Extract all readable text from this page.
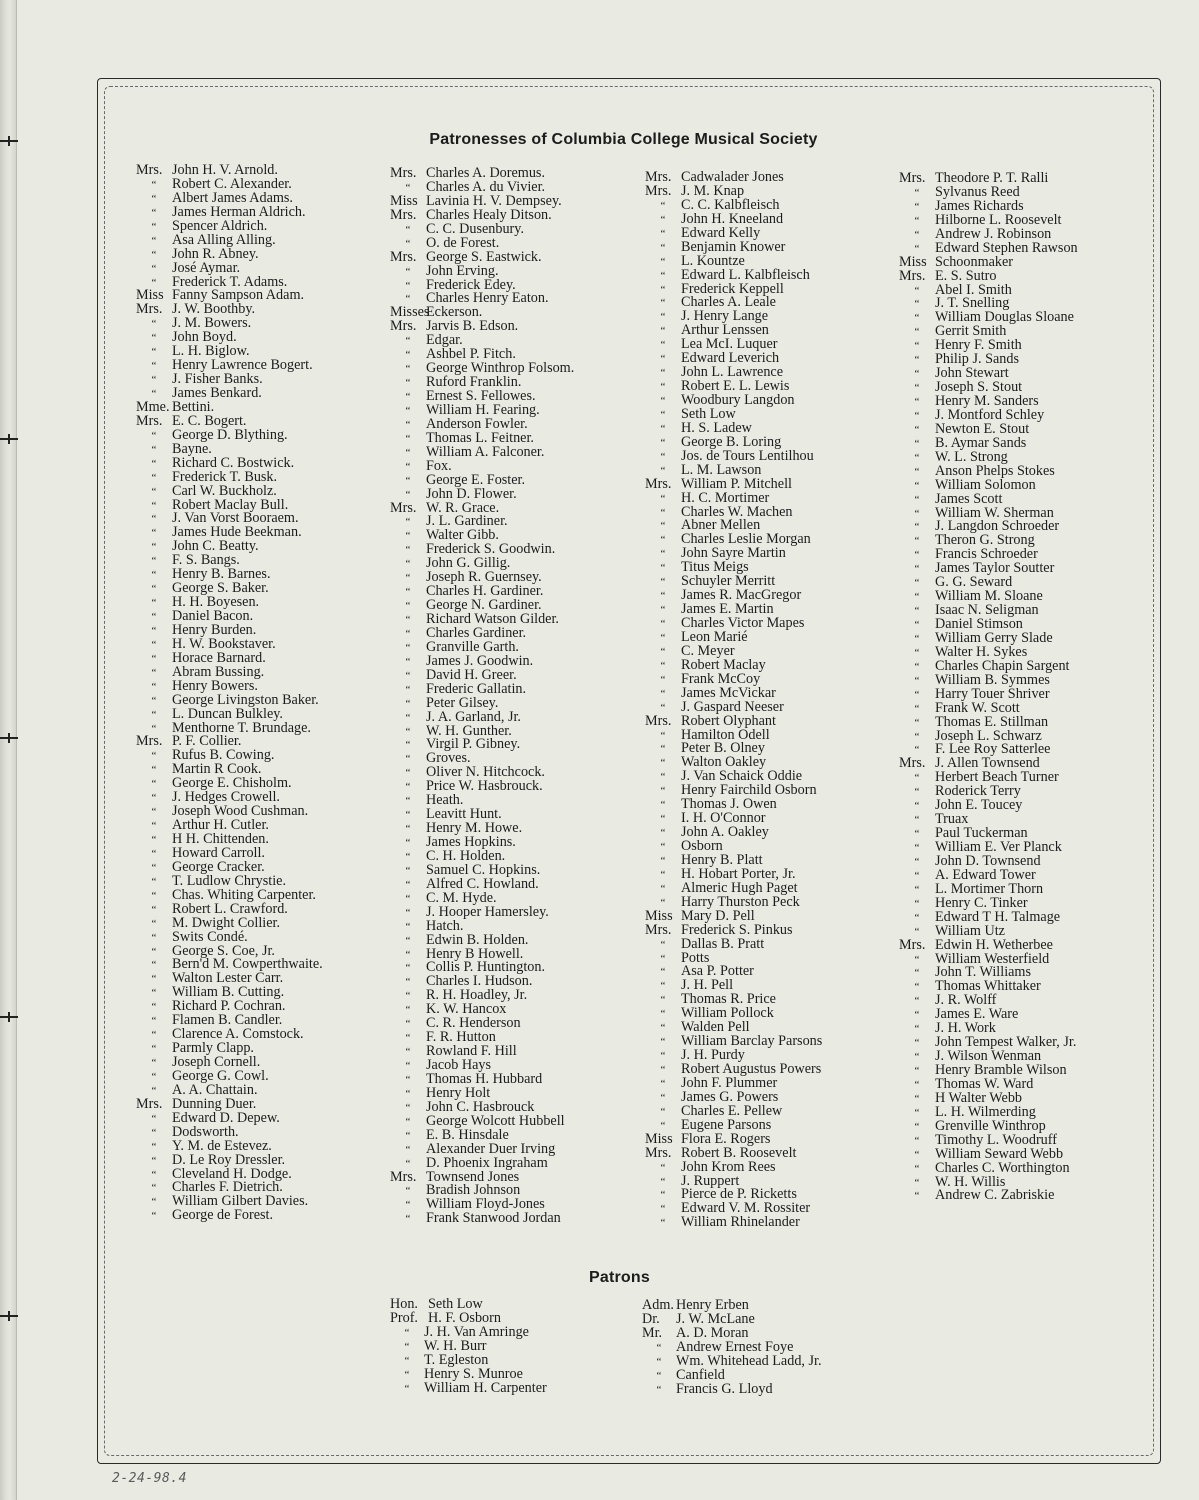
Patronesses of Columbia College Musical Society
Mrs. John H. V. Arnold.
“ Robert C. Alexander.
“ Albert James Adams.
“ James Herman Aldrich.
“ Spencer Aldrich.
“ Asa Alling Alling.
“ John R. Abney.
“ José Aymar.
“ Frederick T. Adams.
Miss Fanny Sampson Adam.
Mrs. J. W. Boothby.
“ J. M. Bowers.
“ John Boyd.
“ L. H. Biglow.
“ Henry Lawrence Bogert.
“ J. Fisher Banks.
“ James Benkard.
Mme. Bettini.
Mrs. E. C. Bogert.
“ George D. Blything.
“ Bayne.
“ Richard C. Bostwick.
“ Frederick T. Busk.
“ Carl W. Buckholz.
“ Robert Maclay Bull.
“ J. Van Vorst Booraem.
“ James Hude Beekman.
“ John C. Beatty.
“ F. S. Bangs.
“ Henry B. Barnes.
“ George S. Baker.
“ H. H. Boyesen.
“ Daniel Bacon.
“ Henry Burden.
“ H. W. Bookstaver.
“ Horace Barnard.
“ Abram Bussing.
“ Henry Bowers.
“ George Livingston Baker.
“ L. Duncan Bulkley.
“ Menthorne T. Brundage.
Mrs. P. F. Collier.
“ Rufus B. Cowing.
“ Martin R Cook.
“ George E. Chisholm.
“ J. Hedges Crowell.
“ Joseph Wood Cushman.
“ Arthur H. Cutler.
“ H H. Chittenden.
“ Howard Carroll.
“ George Cracker.
“ T. Ludlow Chrystie.
“ Chas. Whiting Carpenter.
“ Robert L. Crawford.
“ M. Dwight Collier.
“ Swits Condé.
“ George S. Coe, Jr.
“ Bern'd M. Cowperthwaite.
“ Walton Lester Carr.
“ William B. Cutting.
“ Richard P. Cochran.
“ Flamen B. Candler.
“ Clarence A. Comstock.
“ Parmly Clapp.
“ Joseph Cornell.
“ George G. Cowl.
“ A. A. Chattain.
Mrs. Dunning Duer.
“ Edward D. Depew.
“ Dodsworth.
“ Y. M. de Estevez.
“ D. Le Roy Dressler.
“ Cleveland H. Dodge.
“ Charles F. Dietrich.
“ William Gilbert Davies.
“ George de Forest.
Mrs. Charles A. Doremus.
“ Charles A. du Vivier.
Miss Lavinia H. V. Dempsey.
Mrs. Charles Healy Ditson.
“ C. C. Dusenbury.
“ O. de Forest.
Mrs. George S. Eastwick.
“ John Erving.
“ Frederick Edey.
“ Charles Henry Eaton.
MissesEckerson.
Mrs. Jarvis B. Edson.
“ Edgar.
“ Ashbel P. Fitch.
“ George Winthrop Folsom.
“ Ruford Franklin.
“ Ernest S. Fellowes.
“ William H. Fearing.
“ Anderson Fowler.
“ Thomas L. Feitner.
“ William A. Falconer.
“ Fox.
“ George E. Foster.
“ John D. Flower.
Mrs. W. R. Grace.
“ J. L. Gardiner.
“ Walter Gibb.
“ Frederick S. Goodwin.
“ John G. Gillig.
“ Joseph R. Guernsey.
“ Charles H. Gardiner.
“ George N. Gardiner.
“ Richard Watson Gilder.
“ Charles Gardiner.
“ Granville Garth.
“ James J. Goodwin.
“ David H. Greer.
“ Frederic Gallatin.
“ Peter Gilsey.
“ J. A. Garland, Jr.
“ W. H. Gunther.
“ Virgil P. Gibney.
“ Groves.
“ Oliver N. Hitchcock.
“ Price W. Hasbrouck.
“ Heath.
“ Leavitt Hunt.
“ Henry M. Howe.
“ James Hopkins.
“ C. H. Holden.
“ Samuel C. Hopkins.
“ Alfred C. Howland.
“ C. M. Hyde.
“ J. Hooper Hamersley.
“ Hatch.
“ Edwin B. Holden.
“ Henry B Howell.
“ Collis P. Huntington.
“ Charles I. Hudson.
“ R. H. Hoadley, Jr.
“ K. W. Hancox
“ C. R. Henderson
“ F. R. Hutton
“ Rowland F. Hill
“ Jacob Hays
“ Thomas H. Hubbard
“ Henry Holt
“ John C. Hasbrouck
“ George Wolcott Hubbell
“ E. B. Hinsdale
“ Alexander Duer Irving
“ D. Phoenix Ingraham
Mrs. Townsend Jones
“ Bradish Johnson
“ William Floyd-Jones
“ Frank Stanwood Jordan
Mrs. Cadwalader Jones
Mrs. J. M. Knap
“ C. C. Kalbfleisch
“ John H. Kneeland
“ Edward Kelly
“ Benjamin Knower
“ L. Kountze
“ Edward L. Kalbfleisch
“ Frederick Keppell
“ Charles A. Leale
“ J. Henry Lange
“ Arthur Lenssen
“ Lea McI. Luquer
“ Edward Leverich
“ John L. Lawrence
“ Robert E. L. Lewis
“ Woodbury Langdon
“ Seth Low
“ H. S. Ladew
“ George B. Loring
“ Jos. de Tours Lentilhou
“ L. M. Lawson
Mrs. William P. Mitchell
“ H. C. Mortimer
“ Charles W. Machen
“ Abner Mellen
“ Charles Leslie Morgan
“ John Sayre Martin
“ Titus Meigs
“ Schuyler Merritt
“ James R. MacGregor
“ James E. Martin
“ Charles Victor Mapes
“ Leon Marié
“ C. Meyer
“ Robert Maclay
“ Frank McCoy
“ James McVickar
“ J. Gaspard Neeser
Mrs. Robert Olyphant
“ Hamilton Odell
“ Peter B. Olney
“ Walton Oakley
“ J. Van Schaick Oddie
“ Henry Fairchild Osborn
“ Thomas J. Owen
“ I. H. O'Connor
“ John A. Oakley
“ Osborn
“ Henry B. Platt
“ H. Hobart Porter, Jr.
“ Almeric Hugh Paget
“ Harry Thurston Peck
Miss Mary D. Pell
Mrs. Frederick S. Pinkus
“ Dallas B. Pratt
“ Potts
“ Asa P. Potter
“ J. H. Pell
“ Thomas R. Price
“ William Pollock
“ Walden Pell
“ William Barclay Parsons
“ J. H. Purdy
“ Robert Augustus Powers
“ John F. Plummer
“ James G. Powers
“ Charles E. Pellew
“ Eugene Parsons
Miss Flora E. Rogers
Mrs. Robert B. Roosevelt
“ John Krom Rees
“ J. Ruppert
“ Pierce de P. Ricketts
“ Edward V. M. Rossiter
“ William Rhinelander
Mrs. Theodore P. T. Ralli
“ Sylvanus Reed
“ James Richards
“ Hilborne L. Roosevelt
“ Andrew J. Robinson
“ Edward Stephen Rawson
Miss Schoonmaker
Mrs. E. S. Sutro
“ Abel I. Smith
“ J. T. Snelling
“ William Douglas Sloane
“ Gerrit Smith
“ Henry F. Smith
“ Philip J. Sands
“ John Stewart
“ Joseph S. Stout
“ Henry M. Sanders
“ J. Montford Schley
“ Newton E. Stout
“ B. Aymar Sands
“ W. L. Strong
“ Anson Phelps Stokes
“ William Solomon
“ James Scott
“ William W. Sherman
“ J. Langdon Schroeder
“ Theron G. Strong
“ Francis Schroeder
“ James Taylor Soutter
“ G. G. Seward
“ William M. Sloane
“ Isaac N. Seligman
“ Daniel Stimson
“ William Gerry Slade
“ Walter H. Sykes
“ Charles Chapin Sargent
“ William B. Symmes
“ Harry Touer Shriver
“ Frank W. Scott
“ Thomas E. Stillman
“ Joseph L. Schwarz
“ F. Lee Roy Satterlee
Mrs. J. Allen Townsend
“ Herbert Beach Turner
“ Roderick Terry
“ John E. Toucey
“ Truax
“ Paul Tuckerman
“ William E. Ver Planck
“ John D. Townsend
“ A. Edward Tower
“ L. Mortimer Thorn
“ Henry C. Tinker
“ Edward T H. Talmage
“ William Utz
Mrs. Edwin H. Wetherbee
“ William Westerfield
“ John T. Williams
“ Thomas Whittaker
“ J. R. Wolff
“ James E. Ware
“ J. H. Work
“ John Tempest Walker, Jr.
“ J. Wilson Wenman
“ Henry Bramble Wilson
“ Thomas W. Ward
“ H Walter Webb
“ L. H. Wilmerding
“ Grenville Winthrop
“ Timothy L. Woodruff
“ William Seward Webb
“ Charles C. Worthington
“ W. H. Willis
“ Andrew C. Zabriskie
Patrons
Hon. Seth Low
Prof. H. F. Osborn
“ J. H. Van Amringe
“ W. H. Burr
“ T. Egleston
“ Henry S. Munroe
“ William H. Carpenter
Adm. Henry Erben
Dr. J. W. McLane
Mr. A. D. Moran
“ Andrew Ernest Foye
“ Wm. Whitehead Ladd, Jr.
“ Canfield
“ Francis G. Lloyd
2-24-98.4
